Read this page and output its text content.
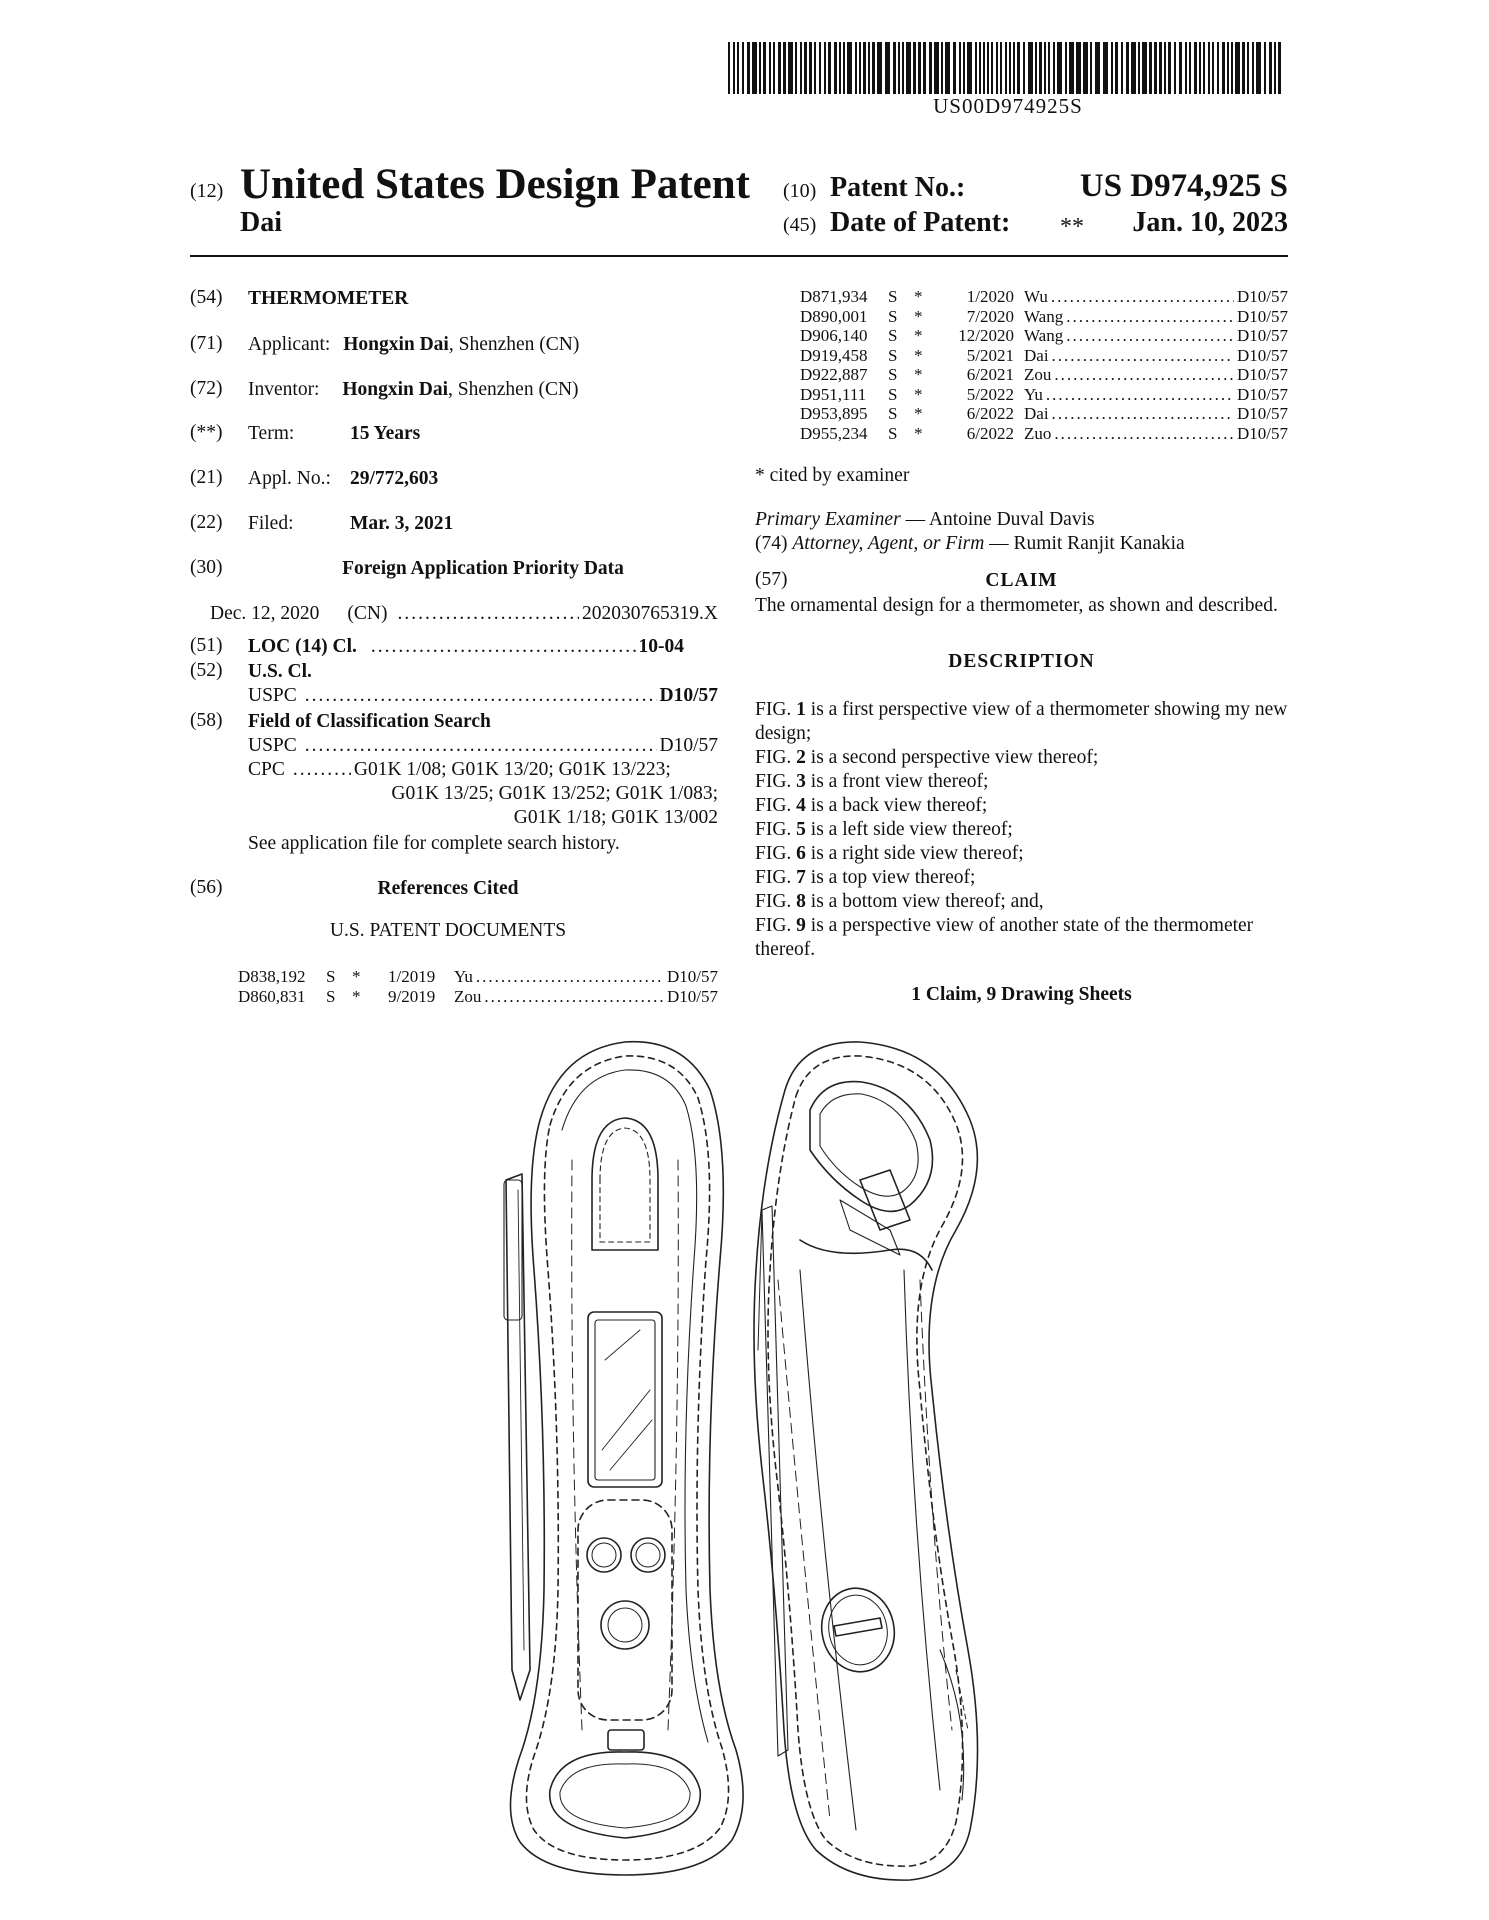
US00D974925S
(12) United States Design Patent
Dai
(10) Patent No.:	US D974,925 S
(45) Date of Patent: ** Jan. 10, 2023
(54) THERMOMETER
(71) Applicant: Hongxin Dai, Shenzhen (CN)
(72) Inventor: Hongxin Dai, Shenzhen (CN)
(**) Term:	15 Years
(21) Appl. No.: 29/772,603
(22) Filed:	Mar. 3, 2021
(30)	Foreign Application Priority Data
Dec. 12, 2020 (CN) .....	202030765319.X
(51) LOC (14) Cl. .....	10-04
(52) U.S. Cl.
USPC .....	D10/57
(58) Field of Classification Search
USPC .....	D10/57
CPC .....	G01K 1/08; G01K 13/20; G01K 13/223;
G01K 13/25; G01K 13/252; G01K 1/083;
G01K 1/18; G01K 13/002
See application file for complete search history.
(56)	References Cited
U.S. PATENT DOCUMENTS
D838,192	S *	1/2019	Yu .....	D10/57
D860,831	S *	9/2019	Zou .....	D10/57
D871,934	S *	1/2020 Wu .....	D10/57
D890,001	S *	7/2020 Wang .....	D10/57
D906,140	S *	12/2020 Wang .....	D10/57
D919,458	S *	5/2021 Dai .....	D10/57
D922,887	S *	6/2021 Zou .....	D10/57
D951,111	S *	5/2022 Yu .....	D10/57
D953,895	S *	6/2022 Dai .....	D10/57
D955,234	S *	6/2022 Zuo .....	D10/57
* cited by examiner
Primary Examiner — Antoine Duval Davis
(74) Attorney, Agent, or Firm — Rumit Ranjit Kanakia
(57)	CLAIM
The ornamental design for a thermometer, as shown and described.
DESCRIPTION
FIG. 1 is a first perspective view of a thermometer showing my new design;
FIG. 2 is a second perspective view thereof;
FIG. 3 is a front view thereof;
FIG. 4 is a back view thereof;
FIG. 5 is a left side view thereof;
FIG. 6 is a right side view thereof;
FIG. 7 is a top view thereof;
FIG. 8 is a bottom view thereof; and,
FIG. 9 is a perspective view of another state of the thermometer thereof.
1 Claim, 9 Drawing Sheets
